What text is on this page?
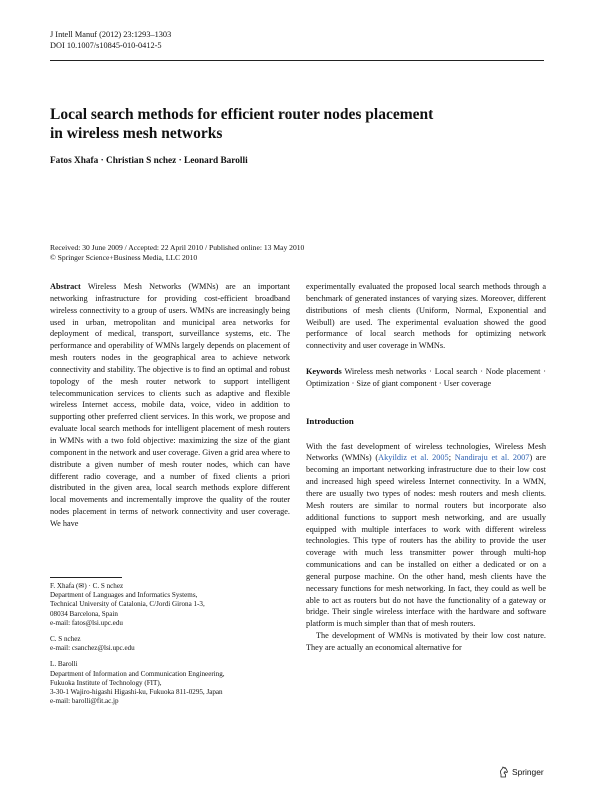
J Intell Manuf (2012) 23:1293–1303
DOI 10.1007/s10845-010-0412-5
Local search methods for efficient router nodes placement
in wireless mesh networks
Fatos Xhafa · Christian S nchez · Leonard Barolli
Received: 30 June 2009 / Accepted: 22 April 2010 / Published online: 13 May 2010
© Springer Science+Business Media, LLC 2010

Abstract Wireless Mesh Networks (WMNs) are an important networking infrastructure for providing cost-efficient broadband wireless connectivity to a group of users. WMNs are increasingly being used in urban, metropolitan and municipal area networks for deployment of medical, transport, surveillance systems, etc. The performance and operability of WMNs largely depends on placement of mesh routers nodes in the geographical area to achieve network connectivity and stability. The objective is to find an optimal and robust topology of the mesh router network to support intelligent telecommunication services to clients such as adaptive and flexible wireless Internet access, mobile data, voice, video in addition to supporting other preferred client services. In this work, we propose and evaluate local search methods for intelligent placement of mesh routers in WMNs with a two fold objective: maximizing the size of the giant component in the network and user coverage. Given a grid area where to distribute a given number of mesh router nodes, which can have different radio coverage, and a number of fixed clients a priori distributed in the given area, local search methods explore different local movements and incrementally improve the quality of the router nodes placement in terms of network connectivity and user coverage. We have

F. Xhafa (✉) · C. S nchez
Department of Languages and Informatics Systems,
Technical University of Catalonia, C/Jordi Girona 1-3,
08034 Barcelona, Spain
e-mail: fatos@lsi.upc.edu
C. S nchez
e-mail: csanchez@lsi.upc.edu
L. Barolli
Department of Information and Communication Engineering,
Fukuoka Institute of Technology (FIT),
3-30-1 Wajiro-higashi Higashi-ku, Fukuoka 811-0295, Japan
e-mail: barolli@fit.ac.jp

experimentally evaluated the proposed local search methods through a benchmark of generated instances of varying sizes. Moreover, different distributions of mesh clients (Uniform, Normal, Exponential and Weibull) are used. The experimental evaluation showed the good performance of local search methods for optimizing network connectivity and user coverage in WMNs.

Keywords Wireless mesh networks · Local search · Node placement · Optimization · Size of giant component · User coverage

Introduction

With the fast development of wireless technologies, Wireless Mesh Networks (WMNs) (Akyildiz et al. 2005; Nandiraju et al. 2007) are becoming an important networking infrastructure due to their low cost and increased high speed wireless Internet connectivity. In a WMN, there are usually two types of nodes: mesh routers and mesh clients. Mesh routers are similar to normal routers but incorporate also additional functions to support mesh networking, and are usually equipped with multiple interfaces to work with different wireless technologies. This type of routers has the ability to provide the user coverage with much less transmitter power through multi-hop communications and can be installed on either a dedicated or on a general purpose machine. On the other hand, mesh clients have the necessary functions for mesh networking. In fact, they could as well be able to act as routers but do not have the functionality of a gateway or bridge. Their single wireless interface with the hardware and software platform is much simpler than that of mesh routers.

The development of WMNs is motivated by their low cost nature. They are actually an economical alternative for

Springer
